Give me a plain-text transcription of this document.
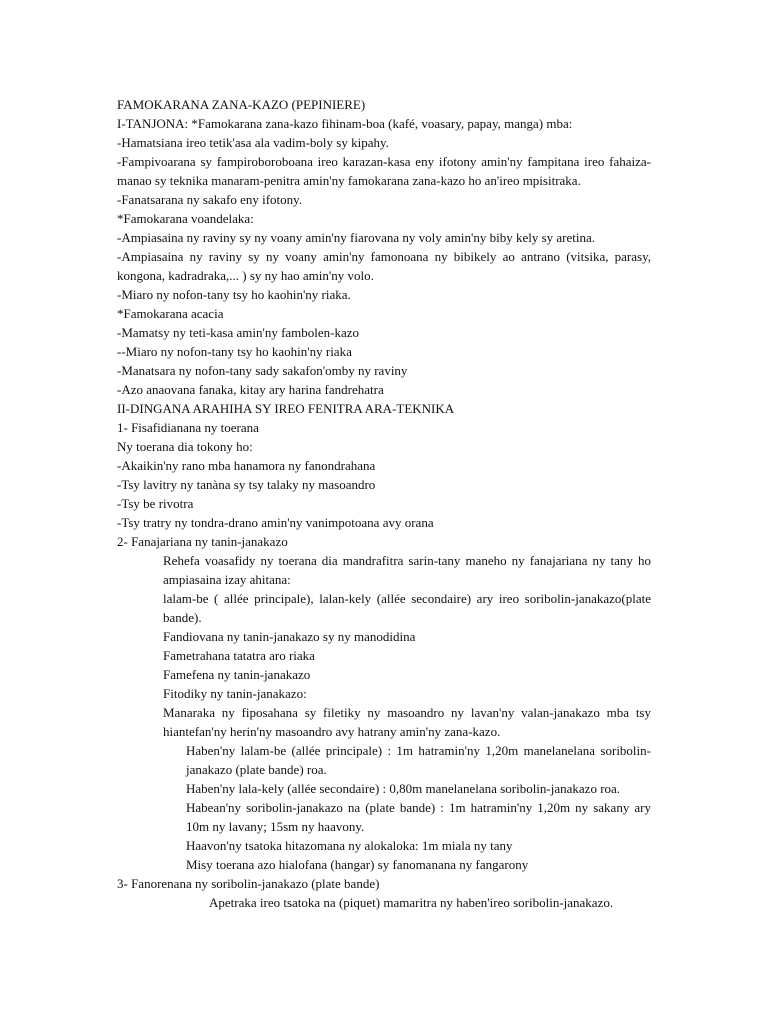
FAMOKARANA ZANA-KAZO (PEPINIERE)
I-TANJONA: *Famokarana zana-kazo fihinam-boa (kafé, voasary, papay, manga) mba:
-Hamatsiana ireo tetik'asa ala vadim-boly sy kipahy.
-Fampivoarana sy fampiroboroboana ireo karazan-kasa eny ifotony amin'ny fampitana ireo fahaiza-manao sy teknika manaram-penitra amin'ny famokarana zana-kazo ho an'ireo mpisitraka.
-Fanatsarana ny sakafo eny ifotony.
*Famokarana voandelaka:
-Ampiasaina ny raviny sy ny voany amin'ny fiarovana ny voly amin'ny biby kely sy aretina.
-Ampiasaina ny raviny sy ny voany amin'ny famonoana ny bibikely ao antrano (vitsika, parasy, kongona, kadradraka,... ) sy ny hao amin'ny volo.
-Miaro ny nofon-tany tsy ho kaohin'ny riaka.
*Famokarana acacia
-Mamatsy ny teti-kasa amin'ny fambolen-kazo
--Miaro ny nofon-tany tsy ho kaohin'ny riaka
-Manatsara ny nofon-tany sady sakafon'omby ny raviny
-Azo anaovana fanaka, kitay ary harina fandrehatra
II-DINGANA ARAHIHA SY IREO FENITRA ARA-TEKNIKA
1- Fisafidianana ny toerana
Ny toerana dia tokony ho:
-Akaikin'ny rano mba hanamora ny fanondrahana
-Tsy lavitry ny tanàna sy tsy talaky ny masoandro
-Tsy be rivotra
-Tsy tratry ny tondra-drano amin'ny vanimpotoana avy orana
2- Fanajariana ny tanin-janakazo
Rehefa voasafidy ny toerana dia mandrafitra sarin-tany maneho ny fanajariana ny tany ho ampiasaina izay ahitana:
lalam-be ( allée principale), lalan-kely (allée secondaire) ary ireo soribolin-janakazo(plate bande).
Fandiovana ny tanin-janakazo sy ny manodidina
Fametrahana tatatra aro riaka
Famefena ny tanin-janakazo
Fitodiky ny tanin-janakazo:
Manaraka ny fiposahana sy filetiky ny masoandro ny lavan'ny valan-janakazo mba tsy hiantefan'ny herin'ny masoandro avy hatrany amin'ny zana-kazo.
Haben'ny lalam-be (allée principale) : 1m hatramin'ny 1,20m manelanelana soribolin-janakazo (plate bande) roa.
Haben'ny lala-kely (allée secondaire) : 0,80m manelanelana soribolin-janakazo roa.
Habean'ny soribolin-janakazo na (plate bande) : 1m hatramin'ny 1,20m ny sakany ary 10m ny lavany; 15sm ny haavony.
Haavon'ny tsatoka hitazomana ny alokaloka: 1m miala ny tany
Misy toerana azo hialofana (hangar) sy fanomanana ny fangarony
3- Fanorenana ny soribolin-janakazo (plate bande)
Apetraka ireo tsatoka na (piquet) mamaritra ny haben'ireo soribolin-janakazo.
